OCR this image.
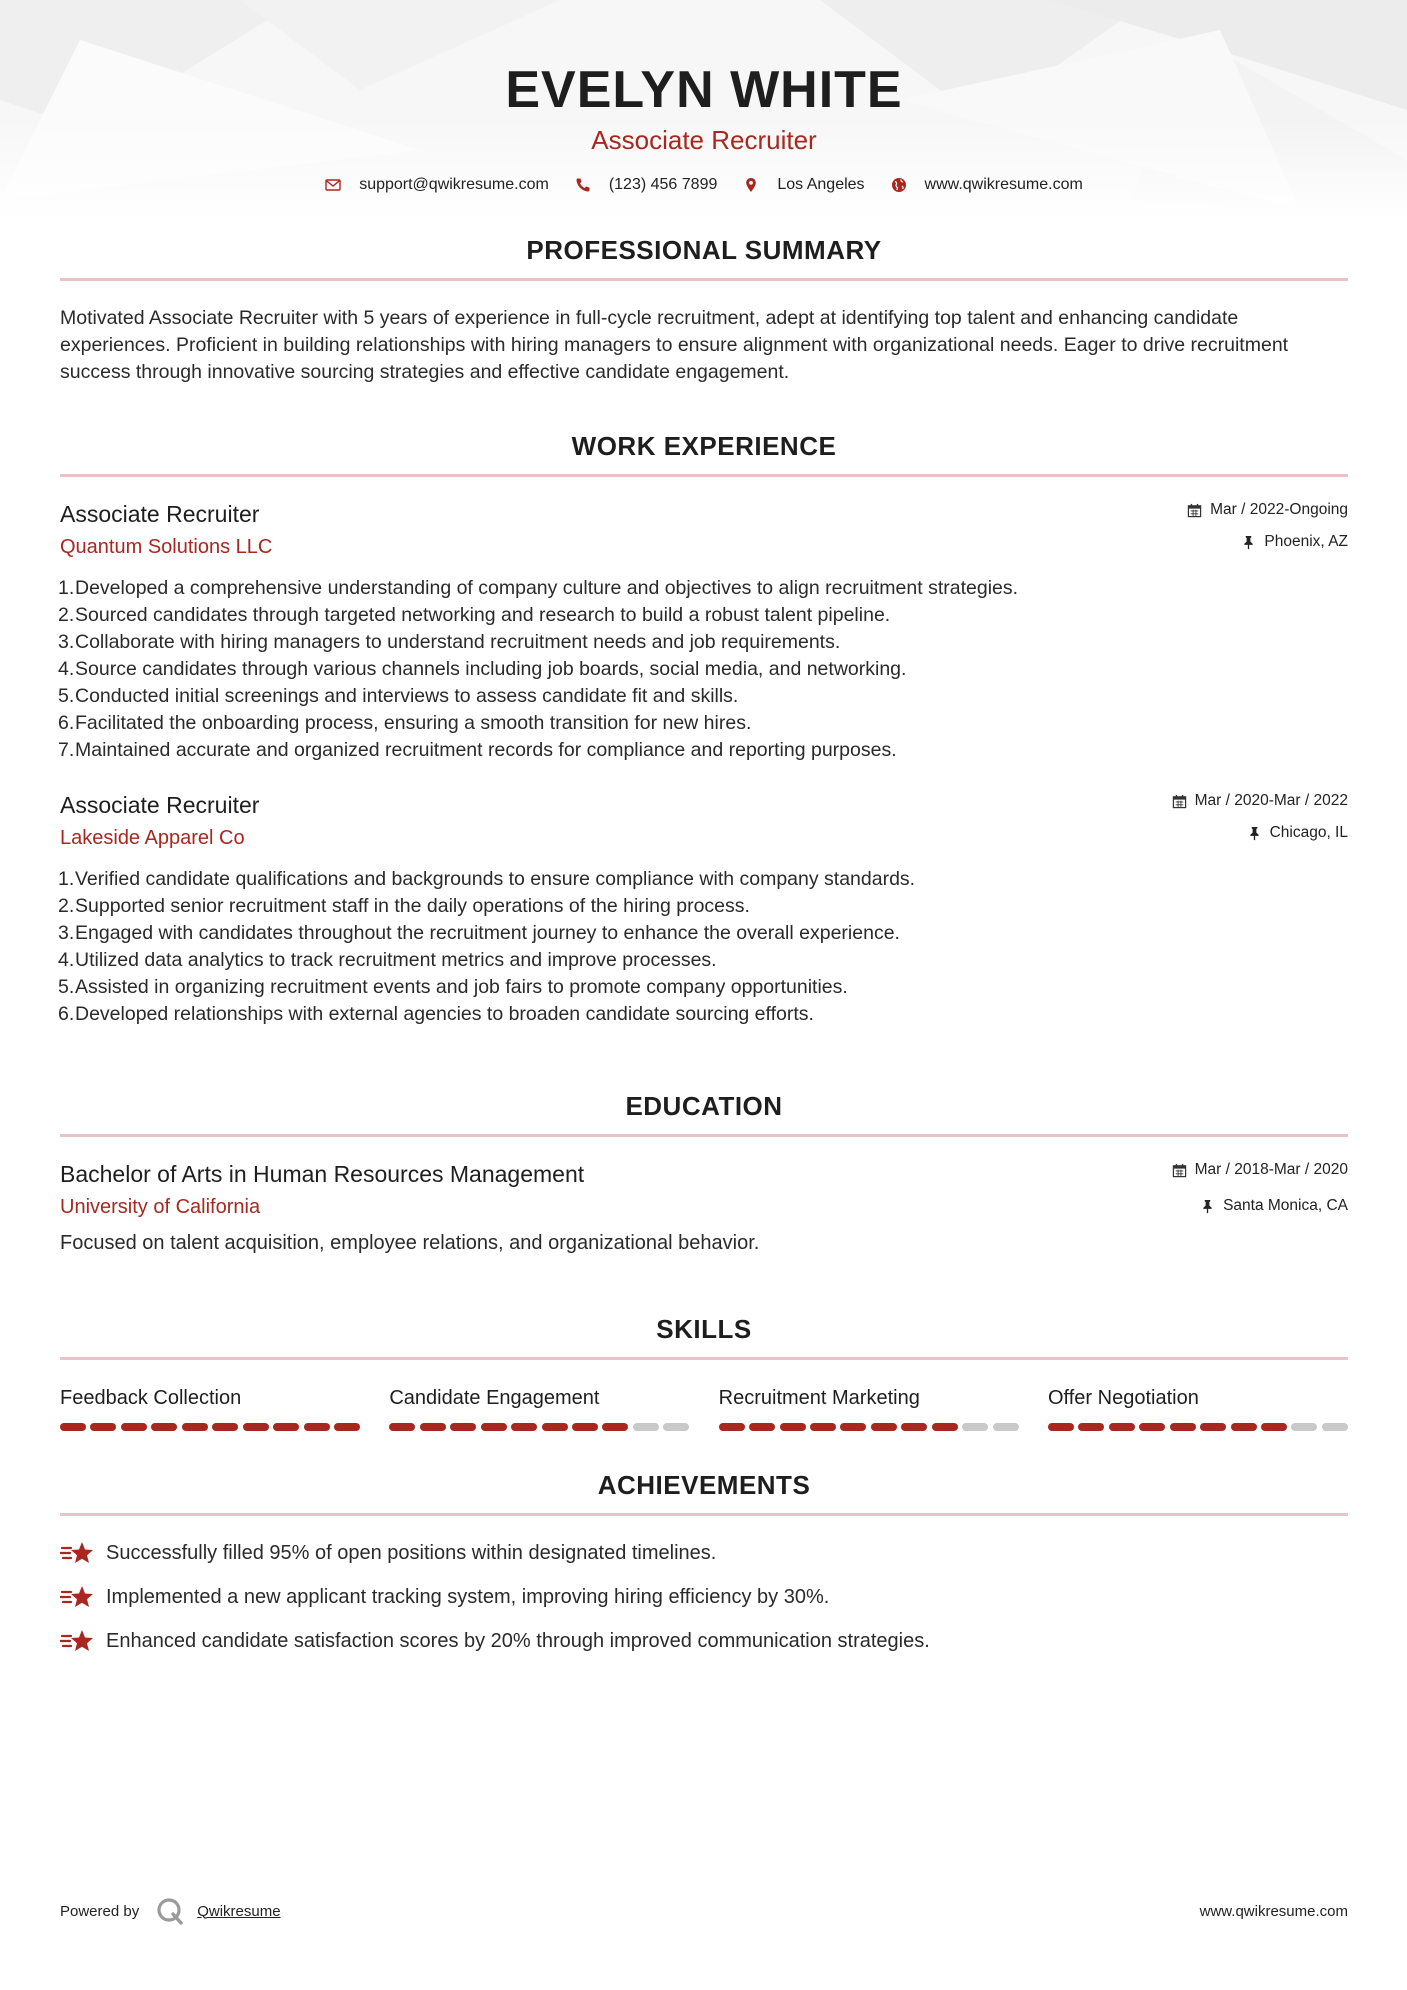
EVELYN WHITE
Associate Recruiter
support@qwikresume.com	(123) 456 7899	Los Angeles	www.qwikresume.com
PROFESSIONAL SUMMARY

Motivated Associate Recruiter with 5 years of experience in full-cycle recruitment, adept at identifying top talent and enhancing candidate experiences. Proficient in building relationships with hiring managers to ensure alignment with organizational needs. Eager to drive recruitment success through innovative sourcing strategies and effective candidate engagement.

WORK EXPERIENCE
Associate Recruiter
Quantum Solutions LLC
Mar / 2022-Ongoing
Phoenix, AZ
1. Developed a comprehensive understanding of company culture and objectives to align recruitment strategies.
2. Sourced candidates through targeted networking and research to build a robust talent pipeline.
3. Collaborate with hiring managers to understand recruitment needs and job requirements.
4. Source candidates through various channels including job boards, social media, and networking.
5. Conducted initial screenings and interviews to assess candidate fit and skills.
6. Facilitated the onboarding process, ensuring a smooth transition for new hires.
7. Maintained accurate and organized recruitment records for compliance and reporting purposes.
Associate Recruiter
Lakeside Apparel Co
Mar / 2020-Mar / 2022
Chicago, IL
1. Verified candidate qualifications and backgrounds to ensure compliance with company standards.
2. Supported senior recruitment staff in the daily operations of the hiring process.
3. Engaged with candidates throughout the recruitment journey to enhance the overall experience.
4. Utilized data analytics to track recruitment metrics and improve processes.
5. Assisted in organizing recruitment events and job fairs to promote company opportunities.
6. Developed relationships with external agencies to broaden candidate sourcing efforts.
EDUCATION
Bachelor of Arts in Human Resources Management
University of California
Mar / 2018-Mar / 2020
Santa Monica, CA

Focused on talent acquisition, employee relations, and organizational behavior.

SKILLS
Feedback Collection	Candidate Engagement	Recruitment Marketing	Offer Negotiation
ACHIEVEMENTS
Successfully filled 95% of open positions within designated timelines.
Implemented a new applicant tracking system, improving hiring efficiency by 30%.
Enhanced candidate satisfaction scores by 20% through improved communication strategies.
Powered by	Qwikresume	www.qwikresume.com
